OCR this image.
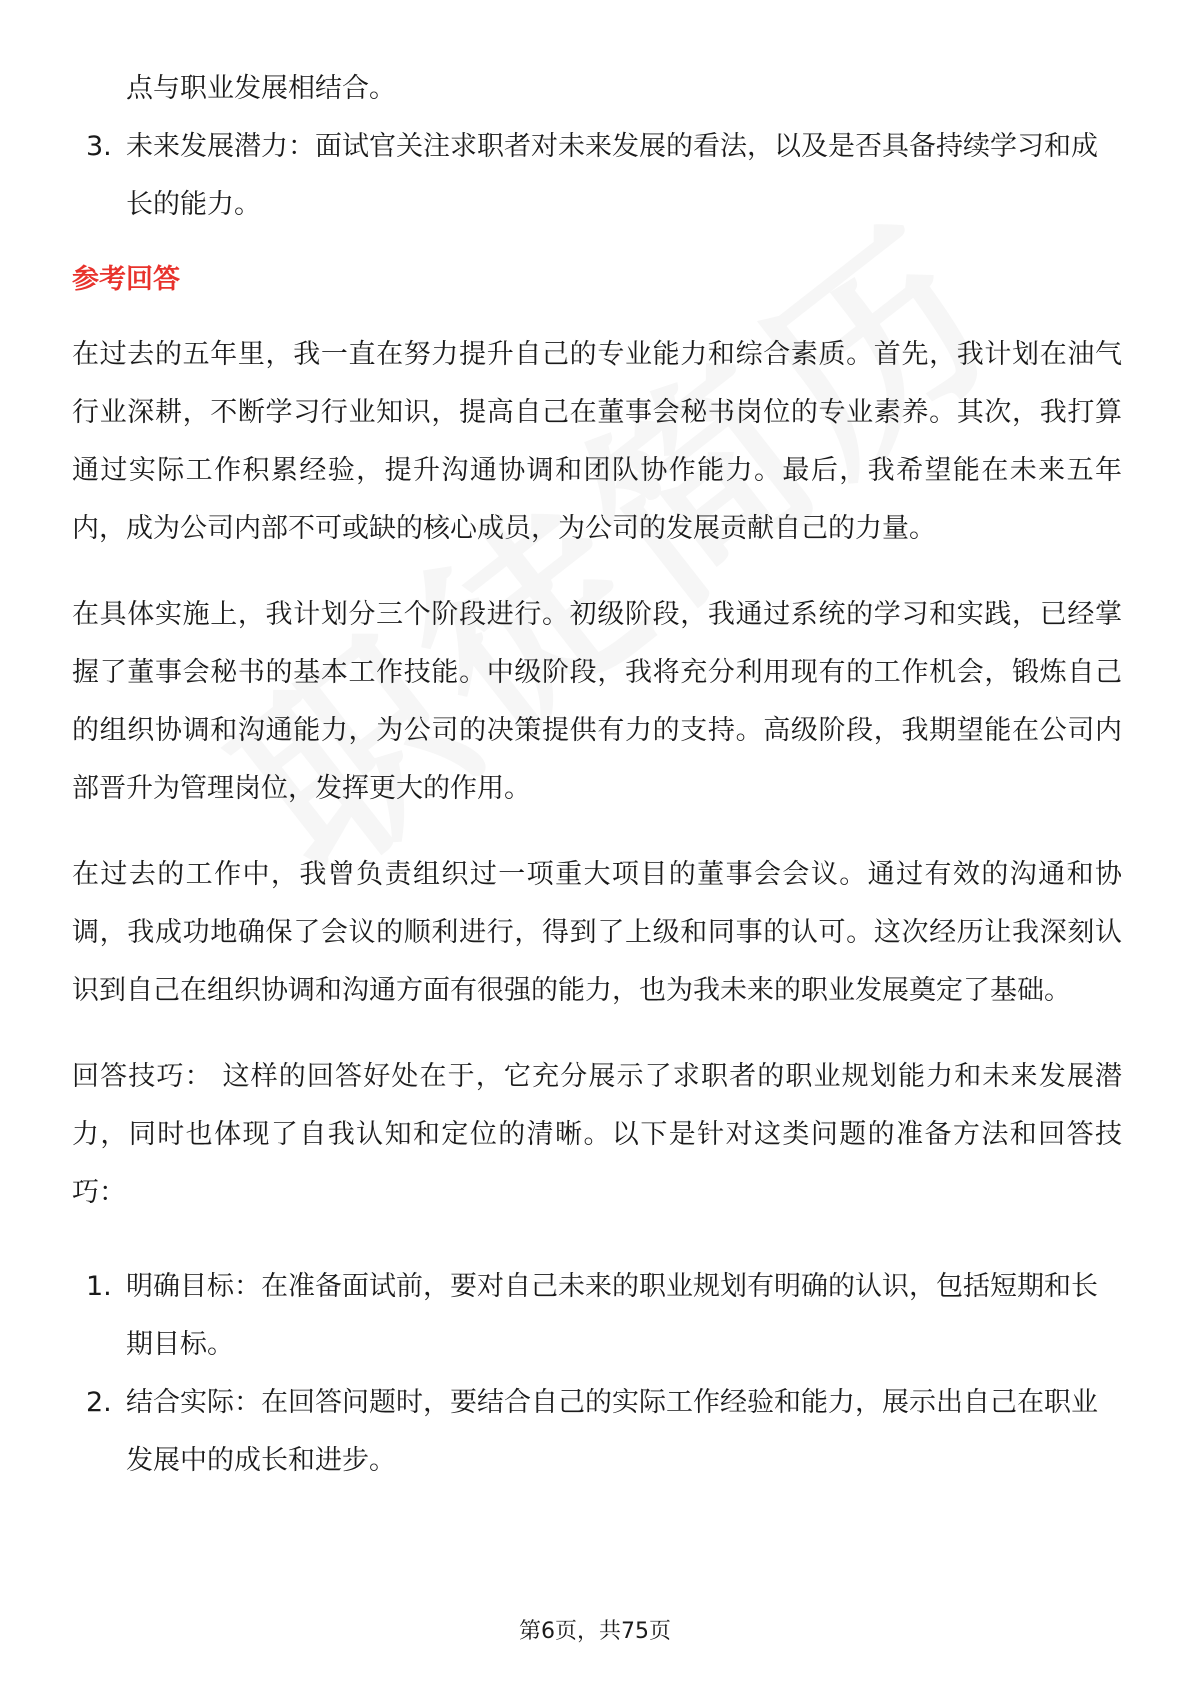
点与职业发展相结合。
3. 未来发展潜力：面试官关注求职者对未来发展的看法，以及是否具备持续学习和成长的能力。
参考回答

在过去的五年里，我一直在努力提升自己的专业能力和综合素质。首先，我计划在油气行业深耕，不断学习行业知识，提高自己在董事会秘书岗位的专业素养。其次，我打算通过实际工作积累经验，提升沟通协调和团队协作能力。最后，我希望能在未来五年内，成为公司内部不可或缺的核心成员，为公司的发展贡献自己的力量。

在具体实施上，我计划分三个阶段进行。初级阶段，我通过系统的学习和实践，已经掌握了董事会秘书的基本工作技能。中级阶段，我将充分利用现有的工作机会，锻炼自己的组织协调和沟通能力，为公司的决策提供有力的支持。高级阶段，我期望能在公司内部晋升为管理岗位，发挥更大的作用。

在过去的工作中，我曾负责组织过一项重大项目的董事会会议。通过有效的沟通和协调，我成功地确保了会议的顺利进行，得到了上级和同事的认可。这次经历让我深刻认识到自己在组织协调和沟通方面有很强的能力，也为我未来的职业发展奠定了基础。

回答技巧： 这样的回答好处在于，它充分展示了求职者的职业规划能力和未来发展潜力，同时也体现了自我认知和定位的清晰。以下是针对这类问题的准备方法和回答技巧：

1. 明确目标：在准备面试前，要对自己未来的职业规划有明确的认识，包括短期和长期目标。
2. 结合实际：在回答问题时，要结合自己的实际工作经验和能力，展示出自己在职业发展中的成长和进步。
第6页，共75页
